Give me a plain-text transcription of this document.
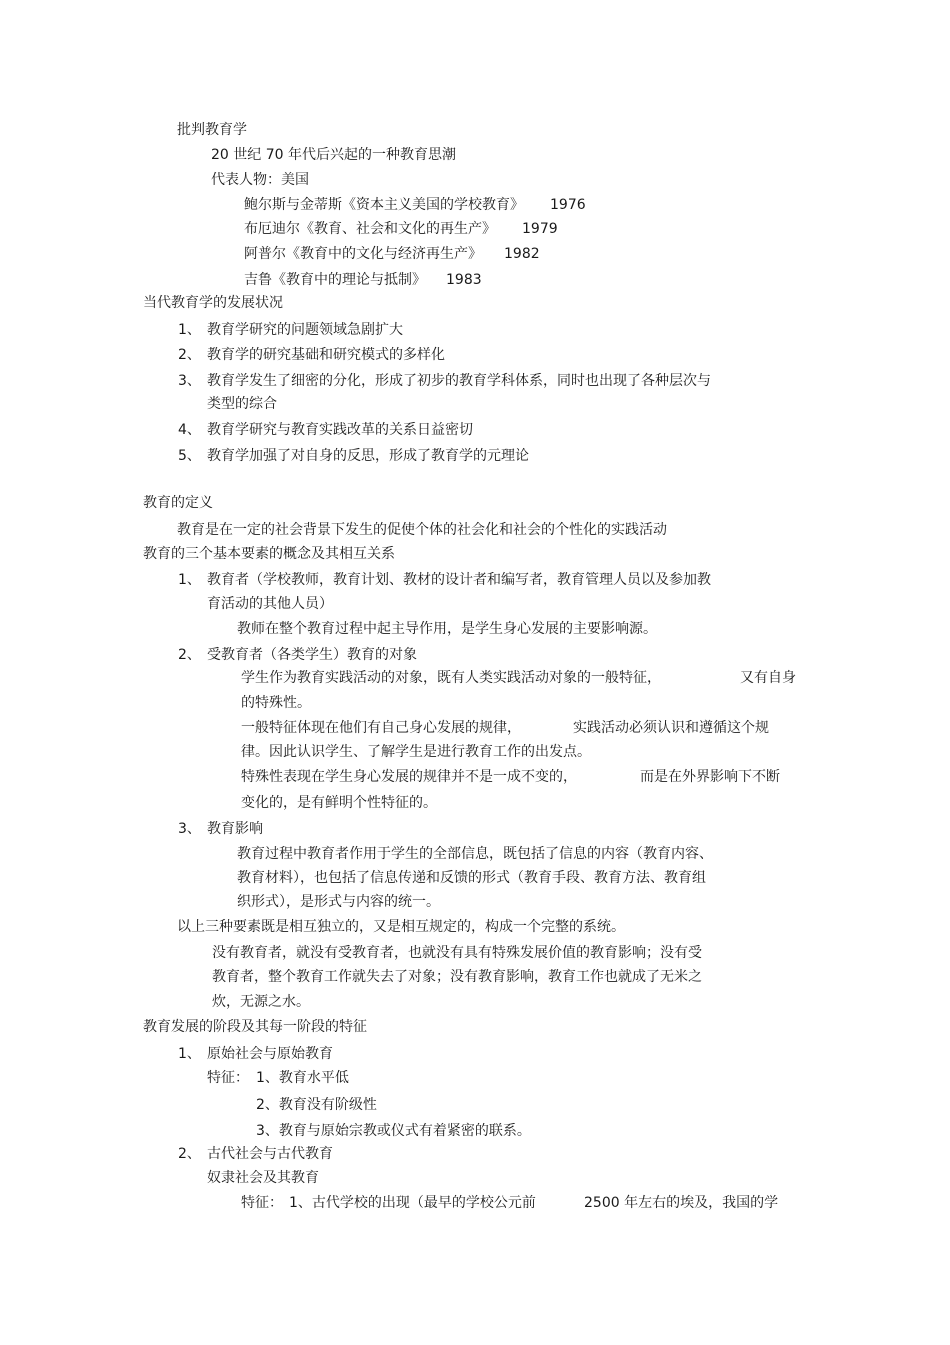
批判教育学
20 世纪 70 年代后兴起的一种教育思潮
代表人物：美国
鲍尔斯与金蒂斯《资本主义美国的学校教育》 1976
布厄迪尔《教育、社会和文化的再生产》 1979
阿普尔《教育中的文化与经济再生产》 1982
吉鲁《教育中的理论与抵制》 1983
当代教育学的发展状况
1、 教育学研究的问题领域急剧扩大
2、 教育学的研究基础和研究模式的多样化
3、 教育学发生了细密的分化，形成了初步的教育学科体系，同时也出现了各种层次与
类型的综合
4、 教育学研究与教育实践改革的关系日益密切
5、 教育学加强了对自身的反思，形成了教育学的元理论
教育的定义
教育是在一定的社会背景下发生的促使个体的社会化和社会的个性化的实践活动
教育的三个基本要素的概念及其相互关系
1、 教育者（学校教师，教育计划、教材的设计者和编写者，教育管理人员以及参加教
育活动的其他人员）
教师在整个教育过程中起主导作用，是学生身心发展的主要影响源。
2、 受教育者（各类学生）教育的对象
学生作为教育实践活动的对象，既有人类实践活动对象的一般特征，	又有自身
的特殊性。
一般特征体现在他们有自己身心发展的规律，	实践活动必须认识和遵循这个规
律。因此认识学生、了解学生是进行教育工作的出发点。
特殊性表现在学生身心发展的规律并不是一成不变的，	而是在外界影响下不断
变化的，是有鲜明个性特征的。
3、 教育影响
教育过程中教育者作用于学生的全部信息，既包括了信息的内容（教育内容、
教育材料），也包括了信息传递和反馈的形式（教育手段、教育方法、教育组
织形式），是形式与内容的统一。
以上三种要素既是相互独立的，又是相互规定的，构成一个完整的系统。
没有教育者，就没有受教育者，也就没有具有特殊发展价值的教育影响；没有受
教育者，整个教育工作就失去了对象；没有教育影响，教育工作也就成了无米之
炊，无源之水。
教育发展的阶段及其每一阶段的特征
1、 原始社会与原始教育
特征： 1、教育水平低
2、教育没有阶级性
3、教育与原始宗教或仪式有着紧密的联系。
2、 古代社会与古代教育
奴隶社会及其教育
特征： 1、古代学校的出现（最早的学校公元前	2500 年左右的埃及，我国的学
